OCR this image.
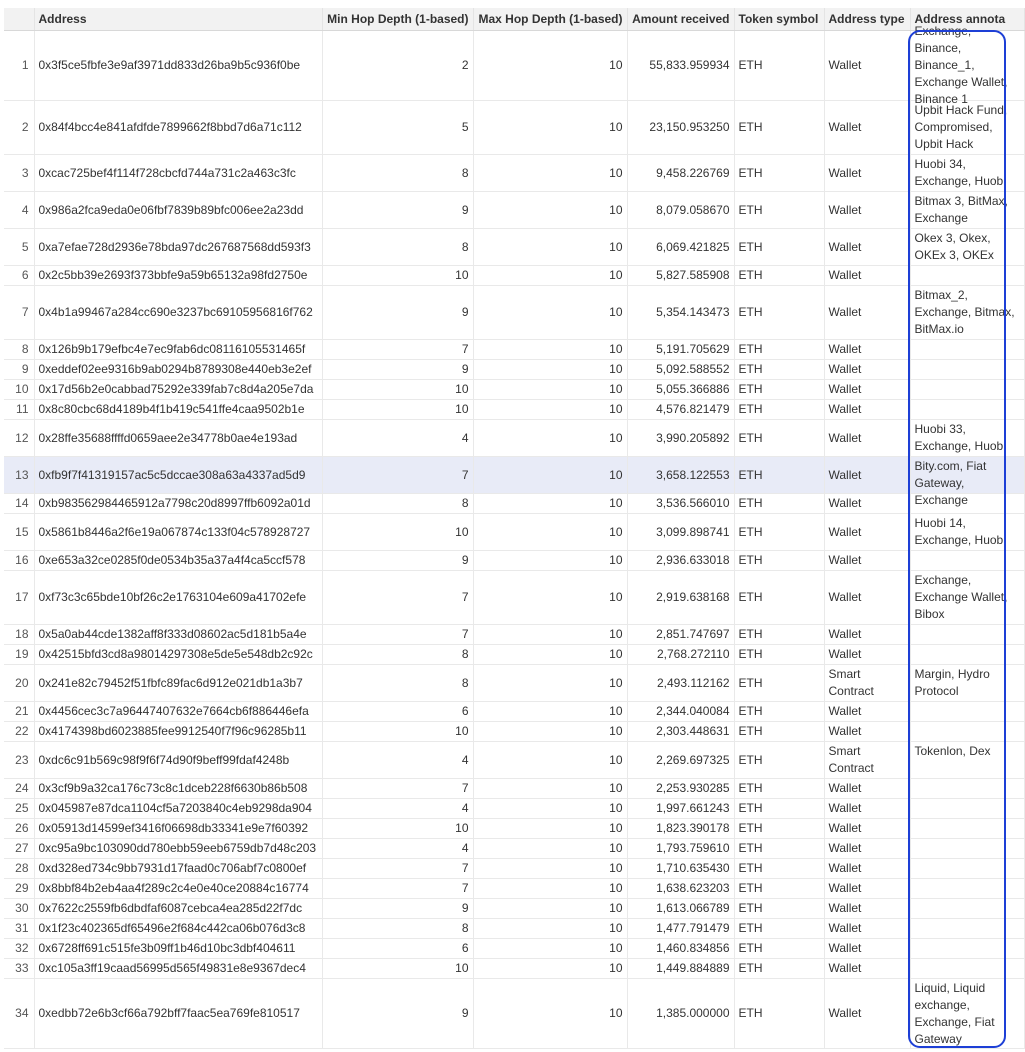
	Address	Min Hop Depth (1-based)	Max Hop Depth (1-based)	Amount received	Token symbol	Address type	Address annota
1	0x3f5ce5fbfe3e9af3971dd833d26ba9b5c936f0be	2	10	55,833.959934	ETH	Wallet	Exchange, Binance, Binance_1, Exchange Wallet, Binance 1

2	0x84f4bcc4e841afdfde7899662f8bbd7d6a71c112	5	10	23,150.953250	ETH	Wallet	Upbit Hack Fund, Compromised, Upbit Hack

3	0xcac725bef4f114f728cbcfd744a731c2a463c3fc	8	10	9,458.226769	ETH	Wallet	Huobi 34, Exchange, Huobi

4	0x986a2fca9eda0e06fbf7839b89bfc006ee2a23dd	9	10	8,079.058670	ETH	Wallet	Bitmax 3, BitMax, Exchange

5	0xa7efae728d2936e78bda97dc267687568dd593f3	8	10	6,069.421825	ETH	Wallet	Okex 3, Okex, OKEx 3, OKEx

6	0x2c5bb39e2693f373bbfe9a59b65132a98fd2750e	10	10	5,827.585908	ETH	Wallet	

7	0x4b1a99467a284cc690e3237bc69105956816f762	9	10	5,354.143473	ETH	Wallet	Bitmax_2, Exchange, Bitmax, BitMax.io

8	0x126b9b179efbc4e7ec9fab6dc08116105531465f	7	10	5,191.705629	ETH	Wallet	

9	0xeddef02ee9316b9ab0294b8789308e440eb3e2ef	9	10	5,092.588552	ETH	Wallet	

10	0x17d56b2e0cabbad75292e339fab7c8d4a205e7da	10	10	5,055.366886	ETH	Wallet	

11	0x8c80cbc68d4189b4f1b419c541ffe4caa9502b1e	10	10	4,576.821479	ETH	Wallet	

12	0x28ffe35688ffffd0659aee2e34778b0ae4e193ad	4	10	3,990.205892	ETH	Wallet	Huobi 33, Exchange, Huobi

13	0xfb9f7f41319157ac5c5dccae308a63a4337ad5d9	7	10	3,658.122553	ETH	Wallet	Bity.com, Fiat Gateway, Exchange

14	0xb983562984465912a7798c20d8997ffb6092a01d	8	10	3,536.566010	ETH	Wallet	

15	0x5861b8446a2f6e19a067874c133f04c578928727	10	10	3,099.898741	ETH	Wallet	Huobi 14, Exchange, Huobi

16	0xe653a32ce0285f0de0534b35a37a4f4ca5ccf578	9	10	2,936.633018	ETH	Wallet	

17	0xf73c3c65bde10bf26c2e1763104e609a41702efe	7	10	2,919.638168	ETH	Wallet	Exchange, Exchange Wallet, Bibox

18	0x5a0ab44cde1382aff8f333d08602ac5d181b5a4e	7	10	2,851.747697	ETH	Wallet	

19	0x42515bfd3cd8a98014297308e5de5e548db2c92c	8	10	2,768.272110	ETH	Wallet	

20	0x241e82c79452f51fbfc89fac6d912e021db1a3b7	8	10	2,493.112162	ETH	Smart Contract	Margin, Hydro Protocol

21	0x4456cec3c7a96447407632e7664cb6f886446efa	6	10	2,344.040084	ETH	Wallet	

22	0x4174398bd6023885fee9912540f7f96c96285b11	10	10	2,303.448631	ETH	Wallet	

23	0xdc6c91b569c98f9f6f74d90f9beff99fdaf4248b	4	10	2,269.697325	ETH	Smart Contract	Tokenlon, Dex

24	0x3cf9b9a32ca176c73c8c1dceb228f6630b86b508	7	10	2,253.930285	ETH	Wallet	

25	0x045987e87dca1104cf5a7203840c4eb9298da904	4	10	1,997.661243	ETH	Wallet	

26	0x05913d14599ef3416f06698db33341e9e7f60392	10	10	1,823.390178	ETH	Wallet	

27	0xc95a9bc103090dd780ebb59eeb6759db7d48c203	4	10	1,793.759610	ETH	Wallet	

28	0xd328ed734c9bb7931d17faad0c706abf7c0800ef	7	10	1,710.635430	ETH	Wallet	

29	0x8bbf84b2eb4aa4f289c2c4e0e40ce20884c16774	7	10	1,638.623203	ETH	Wallet	

30	0x7622c2559fb6dbdfaf6087cebca4ea285d22f7dc	9	10	1,613.066789	ETH	Wallet	

31	0x1f23c402365df65496e2f684c442ca06b076d3c8	8	10	1,477.791479	ETH	Wallet	

32	0x6728ff691c515fe3b09ff1b46d10bc3dbf404611	6	10	1,460.834856	ETH	Wallet	

33	0xc105a3ff19caad56995d565f49831e8e9367dec4	10	10	1,449.884889	ETH	Wallet	

34	0xedbb72e6b3cf66a792bff7faac5ea769fe810517	9	10	1,385.000000	ETH	Wallet	Liquid, Liquid exchange, Exchange, Fiat Gateway
